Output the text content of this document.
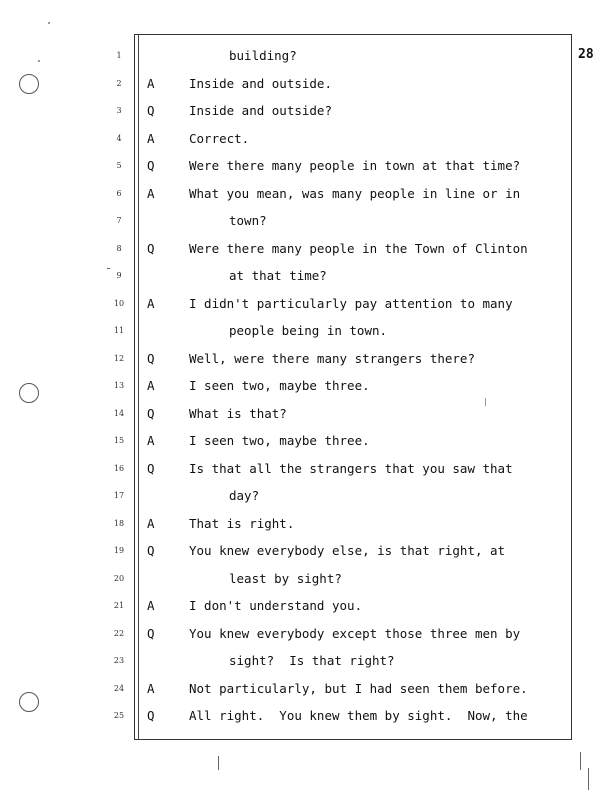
28
1	building?
2	A	Inside and outside.
3	Q	Inside and outside?
4	A	Correct.
5	Q	Were there many people in town at that time?
6	A	What you mean, was many people in line or in
7	town?
8	Q	Were there many people in the Town of Clinton
9	at that time?
10	A	I didn't particularly pay attention to many
11	people being in town.
12	Q	Well, were there many strangers there?
13	A	I seen two, maybe three.
14	Q	What is that?
15	A	I seen two, maybe three.
16	Q	Is that all the strangers that you saw that
17	day?
18	A	That is right.
19	Q	You knew everybody else, is that right, at
20	least by sight?
21	A	I don't understand you.
22	Q	You knew everybody except those three men by
23	sight?  Is that right?
24	A	Not particularly, but I had seen them before.
25	Q	All right.  You knew them by sight.  Now, the
